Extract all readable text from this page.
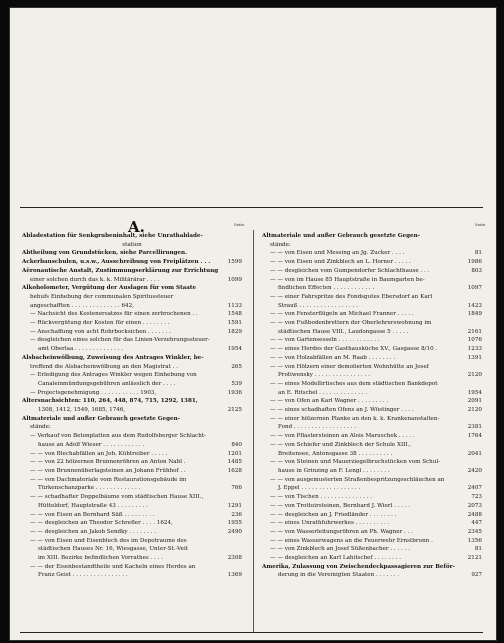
A.	Seite	Seite
Abladestation für Senkgrubeninhalt, siehe Unrathablade-
station
Abtheilung von Grundstücken, siehe Parcellirungen.
Ackerbauschulen, u.s.w., Ausschreibung von Freiplätzen . . .	1599
Aëronautische Anstalt, Zustimmungserklärung zur Errichtung
einer solchen durch das k. k. Militärärar . . . .	1099
Alkoholometer, Vergütung der Auslagen für vom Staate
behufs Einhebung der communalen Spiritussteuer
angeschafften . . . . . . . . . . . . . . 642,	1133
— Nachsicht des Kostenersatzes für einen zerbrochenen . .	1548
— Rückvergütung der Kosten für einen . . . . . . . .	1591
— Anschaffung von acht Rohrbocksichen . . . . . . .	1829
— desgleichen eines solchen für das Linien-Verzehrungssteuer-
amt Oberlaa . . . . . . . . . . . . . .	1954
Alsbacheinwölbung, Zuweisung des Antrages Winkler, be-
treffend die Alsbacheinwölbung an den Magistrat . .	265
— Erledigung des Antrages Winkler wegen Einhebung von
Canaleinmündungsgebühren anlässlich der . . . .	539
— Projectsgenehmigung . . . . . . . . . . . 1903,	1936
Altersnachsichten: 110, 264, 448, 874, 715, 1292, 1381,
1308, 1412, 1549, 1685, 1746,	2125
Altmateriale und außer Gebrauch gesetzte Gegen-
stände:
— Verkauf von Betonplatten aus dem Rudolfsberger Schlacht-
hause an Adolf Wieser . . . . . . . . . . . .	840
— — von Blechabfällen an Joh. Kühtreiber . . . . .	1201
— — von 22 hölzernen Brunnenröhren an Anton Nabl .	1485
— — von Brunnenüberlagsteinen an Johann Frühhof . .	1628
— — von Dachmateriale vom Restaurationsgebäude im
Türkenschanzparke . . . . . . . . . . . . .	766
— — schadhafter Doppelbäume vom städtischen Hause XIII.,
Hütteldorf, Hauptstraße 43 . . . . . . . . .	1291
— — von Eisen an Bernhard Süß . . . . . . . . .	236
— — desgleichen an Theodor Schrefler . . . . 1624,	1955
— — desgleichen an Jakob Sendky . . . . . . . .	2490
— — von Eisen und Eisenblech des im Depotraume des
städtischen Hauses Nr. 16, Wiesgasse, Unter-St.-Veit
im XIII. Bezirke befindlichen Vorrathes . . . .	2308
— — der Eisenbestandtheile und Kacheln eines Herdes an
Franz Geist . . . . . . . . . . . . . . . .	1369
Altmateriale und außer Gebrauch gesetzte Gegen-
stände:
— — von Eisen und Messing an Jg. Zucker . . . .	81
— — von Eisen und Zinkblech an L. Horner . . . . .	1986
— — desgleichen vom Gumpendorfer Schlachthause . . .	803
— — von im Hause 85 Hauptstraße in Baumgarten be-
findlichen Effecten . . . . . . . . . . . .	1097
— — einer Fahrspritze des Fondsgutes Ebersdorf an Karl
Strauß . . . . . . . . . . . . . . . . .	1423
— — von Fensterflügeln an Michael Franner . . . . .	1849
— — von Fußbodenbrettern der Oberlehrerswohnung im
städtischen Hause VIII., Laudongasse 5 . . . . .	2161
— — von Gartensesseln . . . . . . . . . . . .	1076
— — eines Herdes der Gasthausküche XV., Gasgasse 8/10 .	1233
— — von Holzabfällen an M. Raab . . . . . . . .	1391
— — von Hölzern einer demolierten Wohnhütte an Josef
Protiwensky . . . . . . . . . . . . . . . .	2120
— — eines Modellirtisches aus dem städtischen Bankdepot
an E. Ritschel . . . . . . . . . . . . . .	1954
— — von Ofen an Karl Wagner . . . . . . . . .	2091
— — eines schadhaften Ofens an J. Wüstinger . . . .	2120
— — einer hölzernen Planke an den k. k. Krankenanstalten-
Fond . . . . . . . . . . . . . . . . . .	2381
— — von Pflastersteinen an Alois Maruschek . . . . .	1764
— — von Schiefer und Zinkblech der Schule XIII.,
Breitensee, Antonsgasse 38 . . . . . . . . . .	2041
— — von Steinen und Mauerziegelbruchstücken vom Schul-
hause in Grinzing an F. Lengl . . . . . . . .	2420
— — von ausgemusterten Straßenbespritzungsschläuchen an
J. Eppel . . . . . . . . . . . . . . . . .	2407
— — von Tischen . . . . . . . . . . . . . . .	723
— — von Trottoirsteinen, Bernhard J. Wierl . . . . .	2073
— — desgleichen an J. Friedländer . . . . . . . .	2488
— — eines Unrathfuhrwerkes . . . . . . . . . .	447
— — von Wasserleitungsröhren an Ph. Wagner . . .	2345
— — eines Wasserwagens an die Feuerwehr Ernstbrunn .	1356
— — von Zinkblech an Josef Süßenbacher . . . . . .	81
— — desgleichen an Karl Lahitschef . . . . . . . .	2121
Amerika, Zulassung von Zwischendeckpassagieren zur Beför-
derung in die Vereinigten Staaten . . . . . . .	927
